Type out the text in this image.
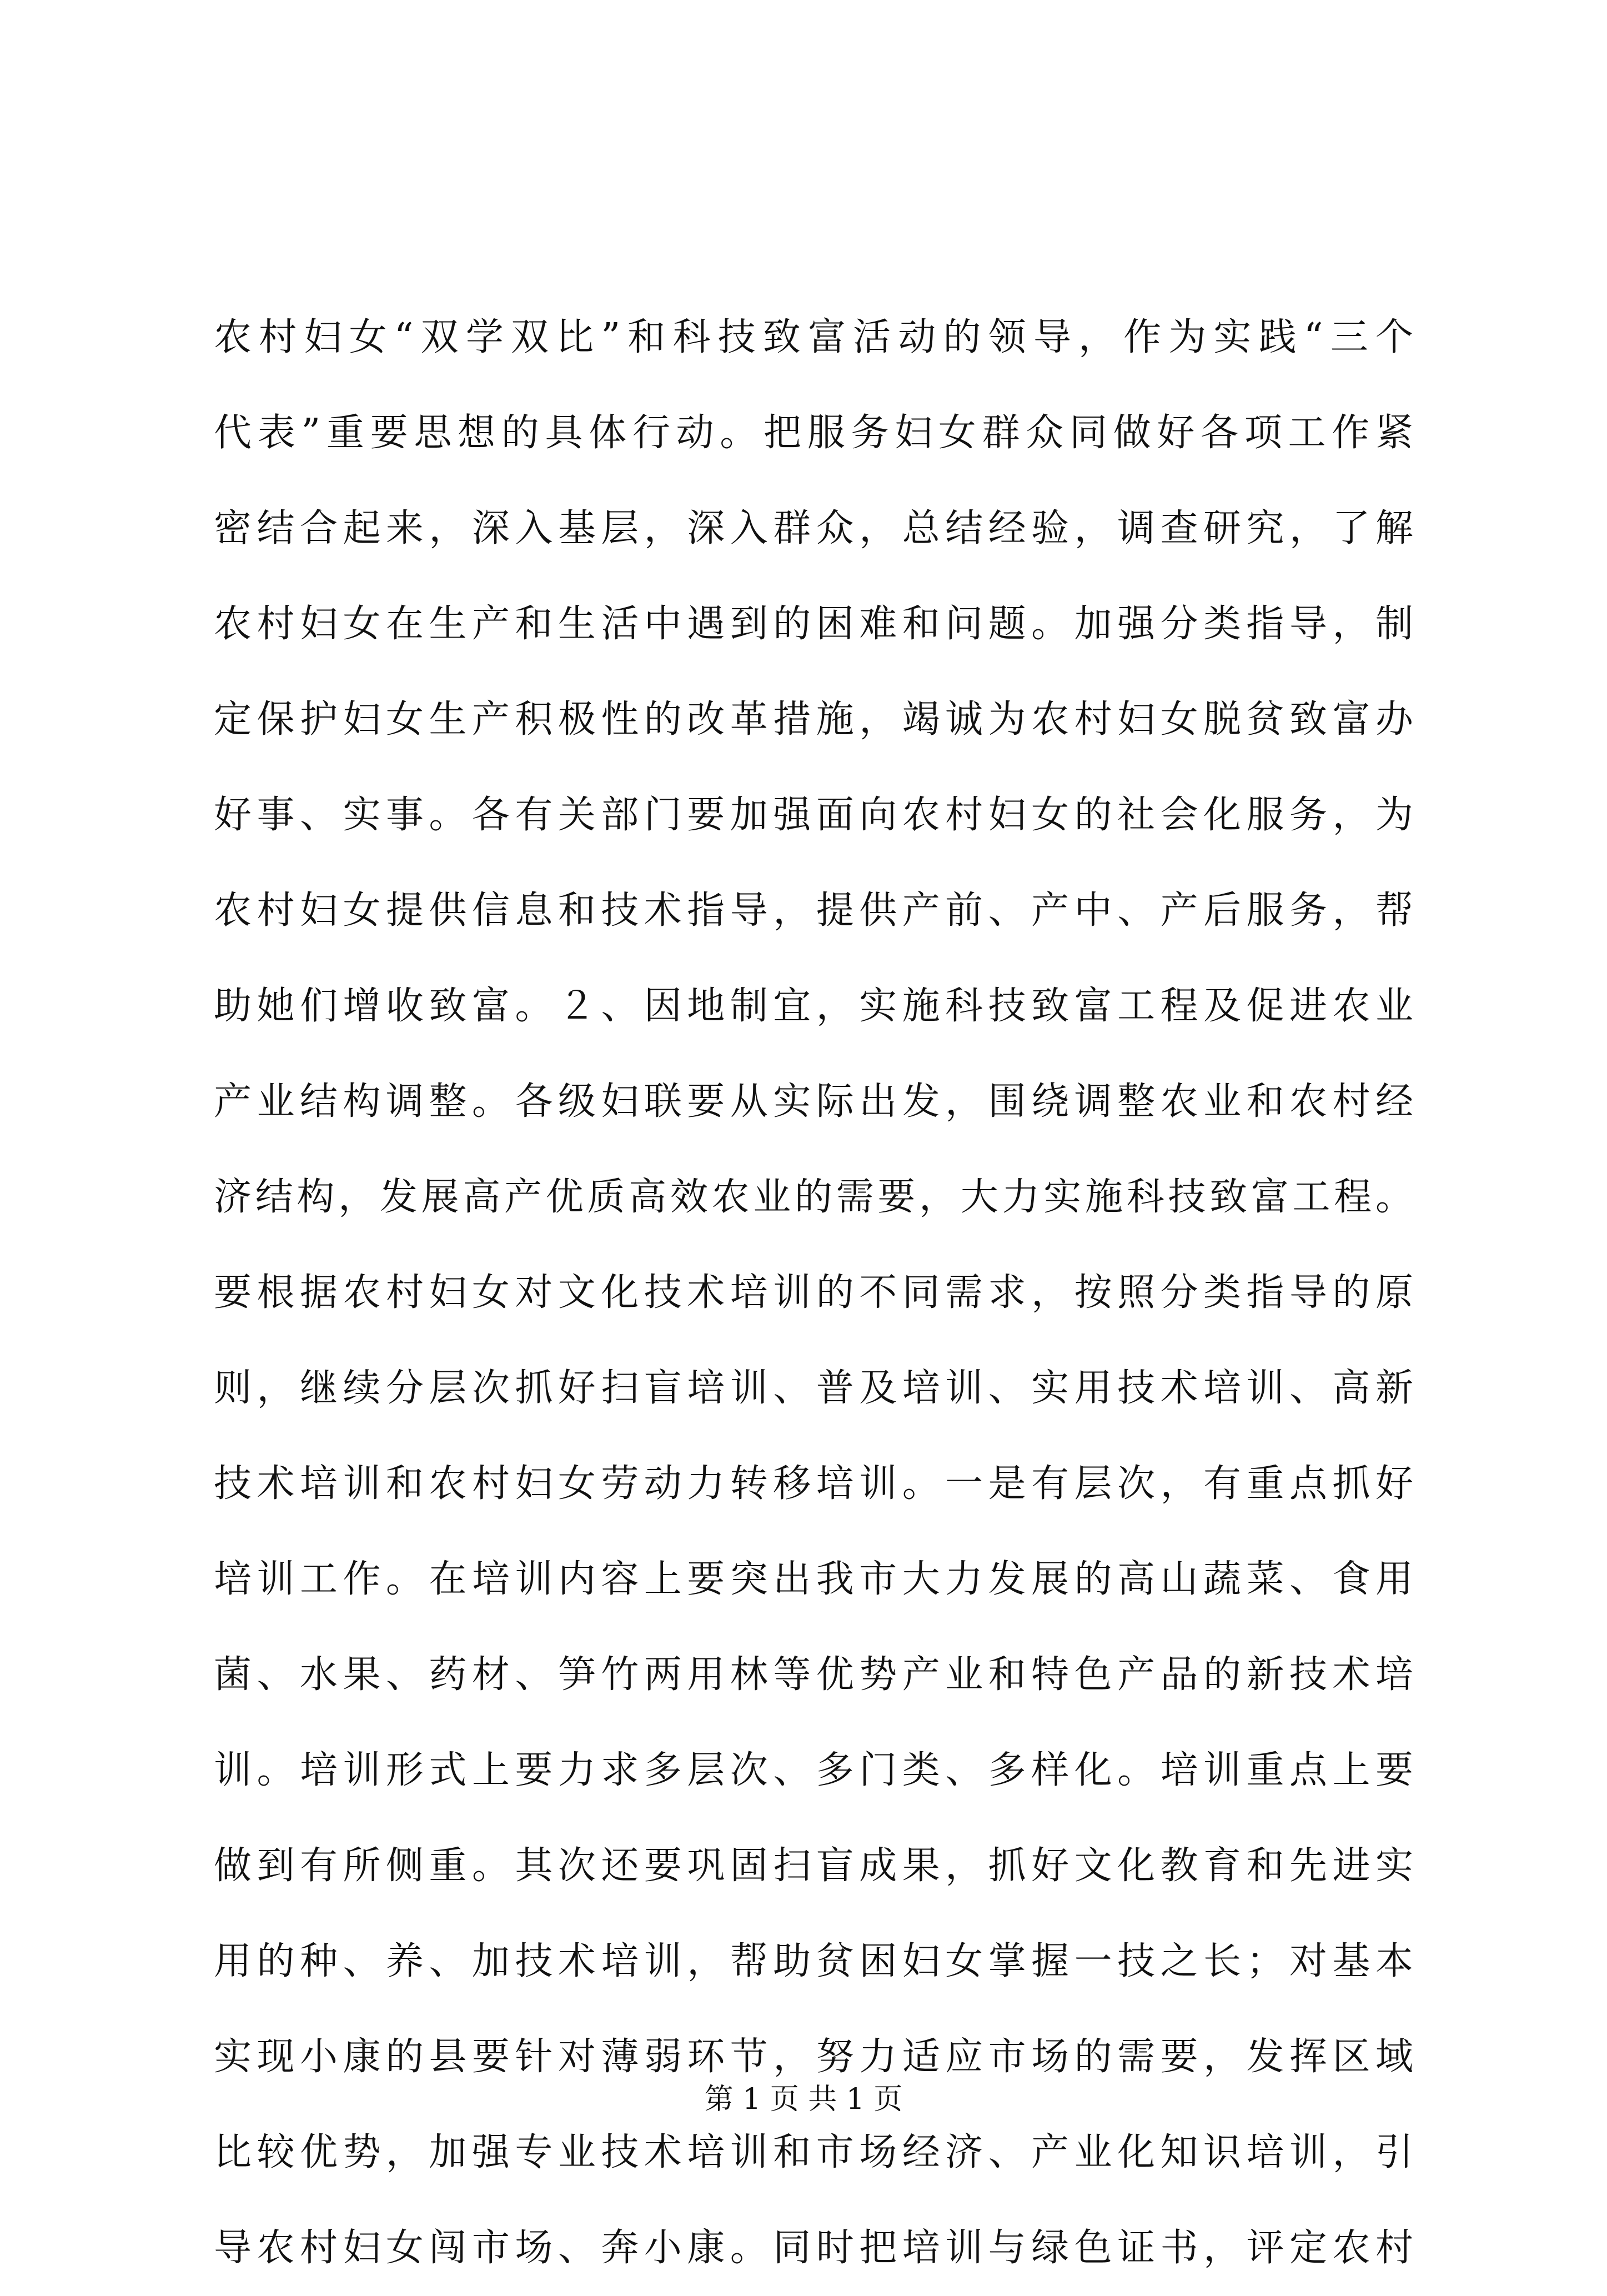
农村妇女“双学双比”和科技致富活动的领导，作为实践“三个
代表”重要思想的具体行动。把服务妇女群众同做好各项工作紧
密结合起来，深入基层，深入群众，总结经验，调查研究，了解
农村妇女在生产和生活中遇到的困难和问题。加强分类指导，制
定保护妇女生产积极性的改革措施，竭诚为农村妇女脱贫致富办
好事、实事。各有关部门要加强面向农村妇女的社会化服务，为
农村妇女提供信息和技术指导，提供产前、产中、产后服务，帮
助她们增收致富。２、因地制宜，实施科技致富工程及促进农业
产业结构调整。各级妇联要从实际出发，围绕调整农业和农村经
济结构，发展高产优质高效农业的需要，大力实施科技致富工程。
要根据农村妇女对文化技术培训的不同需求，按照分类指导的原
则，继续分层次抓好扫盲培训、普及培训、实用技术培训、高新
技术培训和农村妇女劳动力转移培训。一是有层次，有重点抓好
培训工作。在培训内容上要突出我市大力发展的高山蔬菜、食用
菌、水果、药材、笋竹两用林等优势产业和特色产品的新技术培
训。培训形式上要力求多层次、多门类、多样化。培训重点上要
做到有所侧重。其次还要巩固扫盲成果，抓好文化教育和先进实
用的种、养、加技术培训，帮助贫困妇女掌握一技之长；对基本
实现小康的县要针对薄弱环节，努力适应市场的需要，发挥区域
比较优势，加强专业技术培训和市场经济、产业化知识培训，引
导农村妇女闯市场、奔小康。同时把培训与绿色证书，评定农村
第 1 页 共 1 页
